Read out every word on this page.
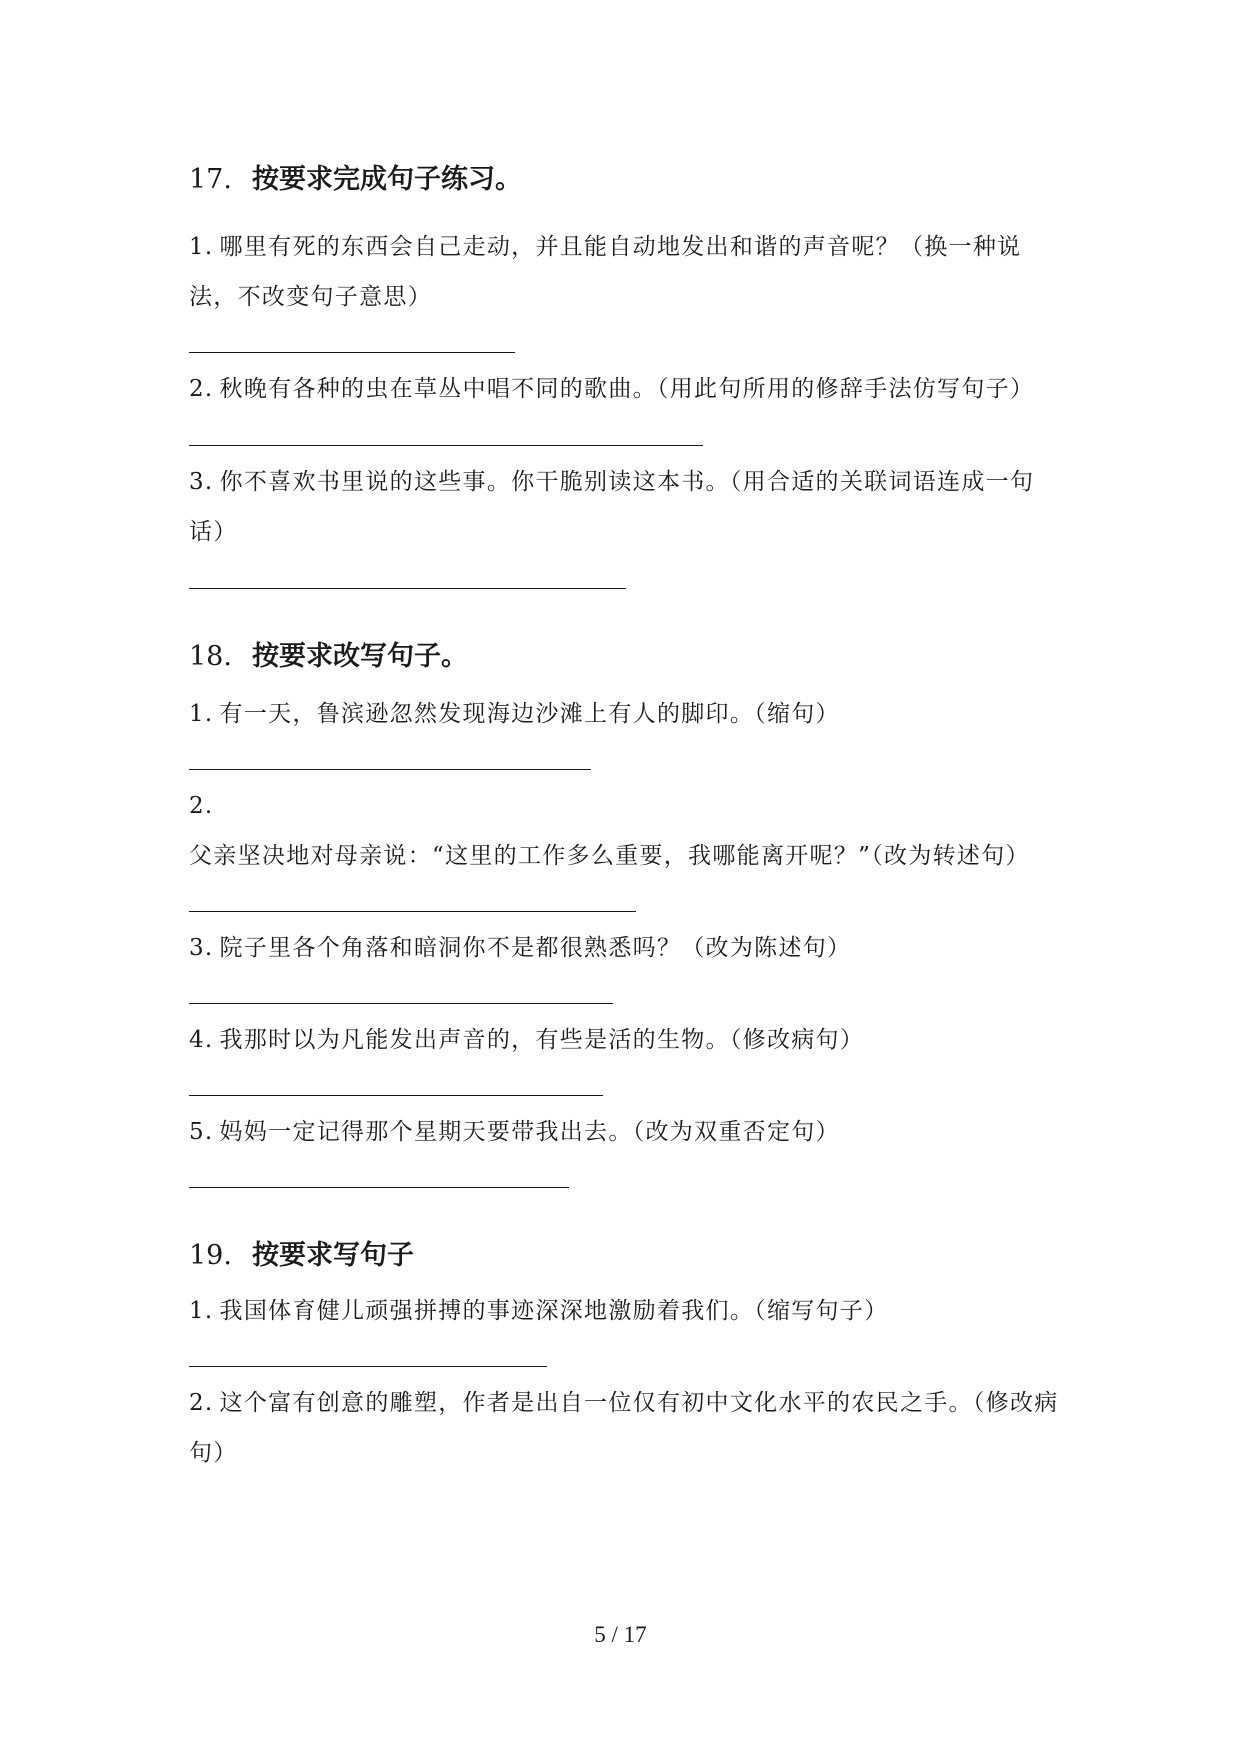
17. 按要求完成句子练习。

1. 哪里有死的东西会自己走动，并且能自动地发出和谐的声音呢？（换一种说法，不改变句子意思）

2. 秋晚有各种的虫在草丛中唱不同的歌曲。（用此句所用的修辞手法仿写句子）

3. 你不喜欢书里说的这些事。你干脆别读这本书。（用合适的关联词语连成一句话）

18. 按要求改写句子。

1. 有一天，鲁滨逊忽然发现海边沙滩上有人的脚印。（缩句）

2.父亲坚决地对母亲说：“这里的工作多么重要，我哪能离开呢？”（改为转述句）

3. 院子里各个角落和暗洞你不是都很熟悉吗？（改为陈述句）

4. 我那时以为凡能发出声音的，有些是活的生物。（修改病句）

5. 妈妈一定记得那个星期天要带我出去。（改为双重否定句）

19. 按要求写句子

1. 我国体育健儿顽强拼搏的事迹深深地激励着我们。（缩写句子）

2. 这个富有创意的雕塑，作者是出自一位仅有初中文化水平的农民之手。（修改病句）

5 / 17
